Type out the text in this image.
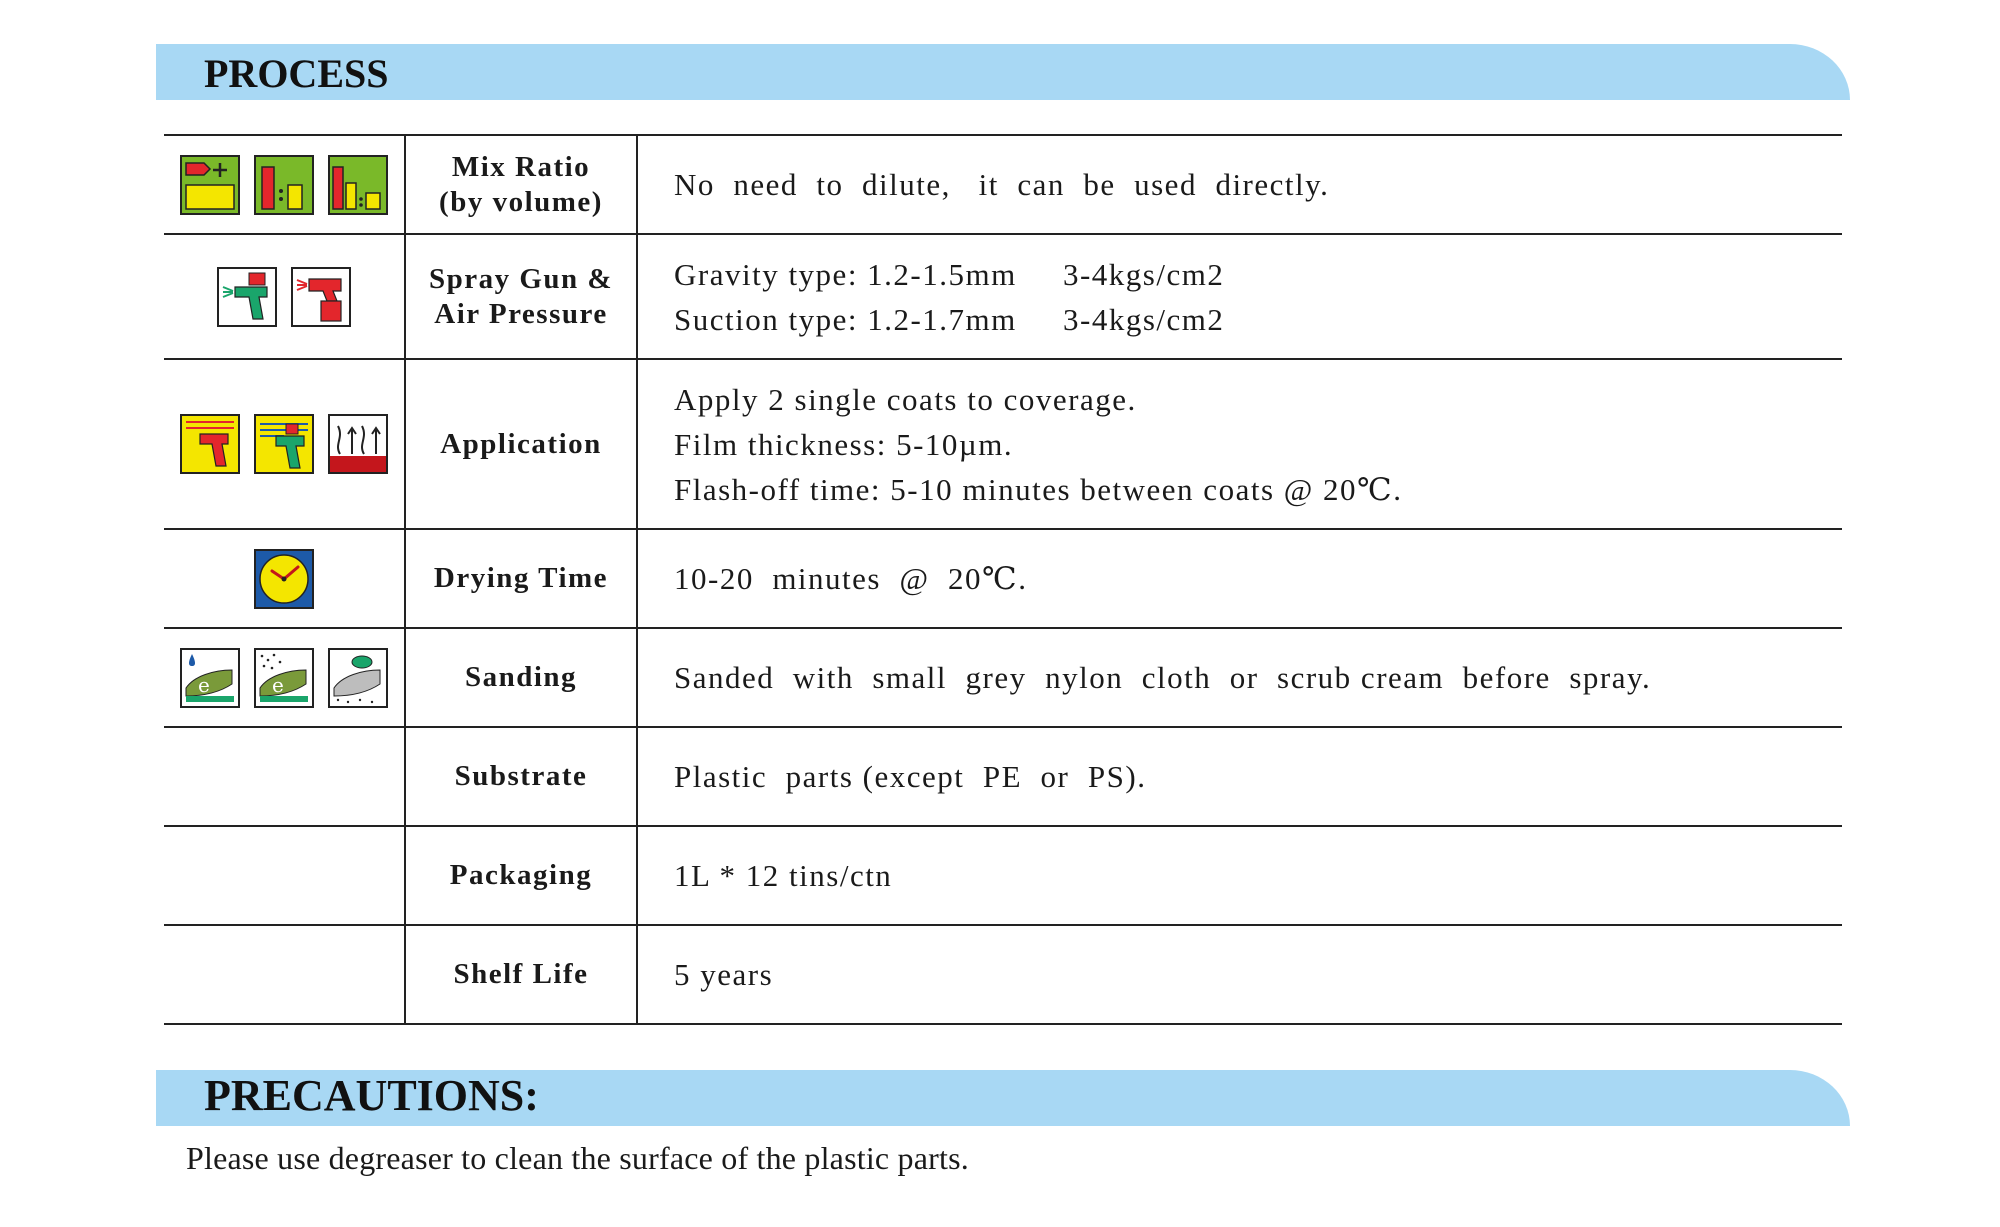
PROCESS

Mix Ratio
(by volume)	No  need  to  dilute,   it  can  be  used  directly.

Spray Gun &
Air Pressure	Gravity type: 1.2-1.5mm     3-4kgs/cm2
Suction type: 1.2-1.7mm     3-4kgs/cm2

Application	Apply 2 single coats to coverage.
Film thickness: 5-10µm.
Flash-off time: 5-10 minutes between coats @ 20℃.

Drying Time	10-20  minutes  @  20℃.

e e	Sanding	Sanded  with  small  grey  nylon  cloth  or  scrub cream  before  spray.

	Substrate	Plastic  parts (except  PE  or  PS).

	Packaging	1L * 12 tins/ctn

	Shelf Life	5 years
PRECAUTIONS:
Please use degreaser to clean the surface of the plastic parts.
